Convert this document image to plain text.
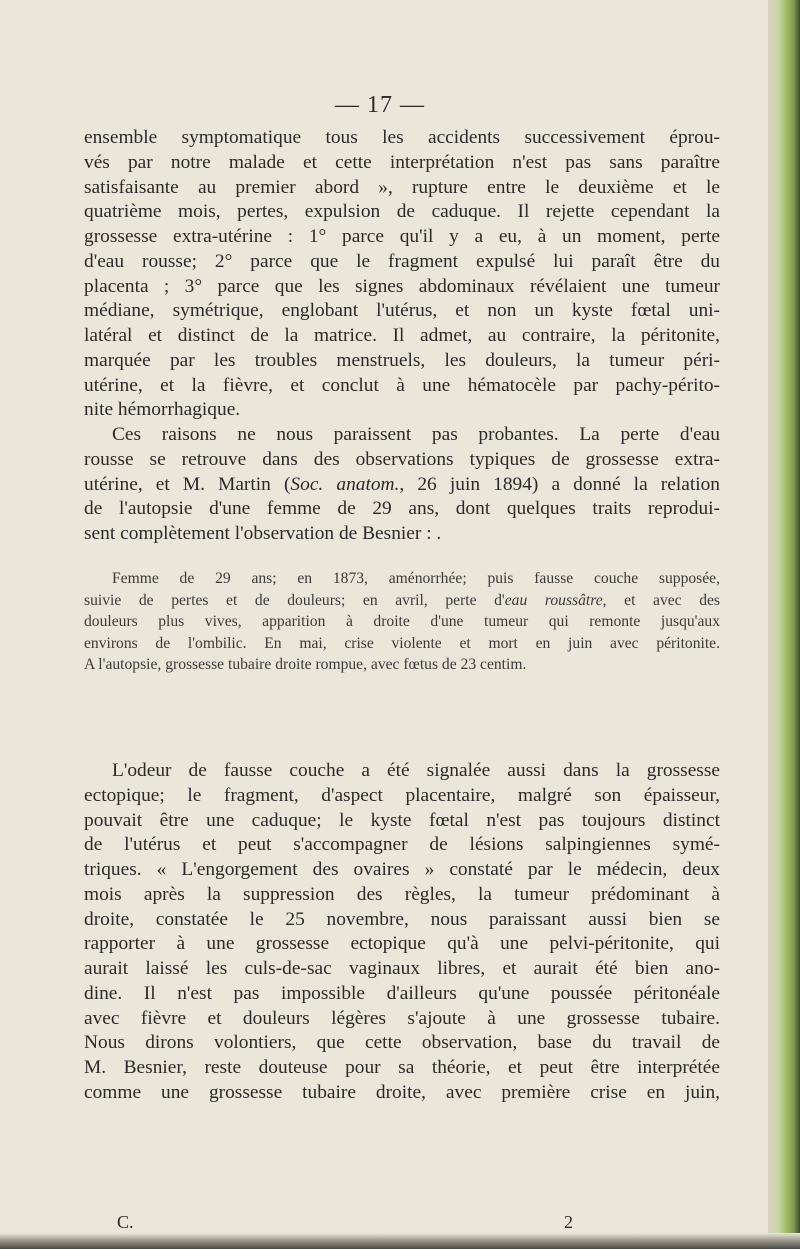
— 17 —
ensemble symptomatique tous les accidents successivement éprou-
vés par notre malade et cette interprétation n'est pas sans paraître
satisfaisante au premier abord », rupture entre le deuxième et le
quatrième mois, pertes, expulsion de caduque. Il rejette cependant la
grossesse extra-utérine : 1° parce qu'il y a eu, à un moment, perte
d'eau rousse; 2° parce que le fragment expulsé lui paraît être du
placenta ; 3° parce que les signes abdominaux révélaient une tumeur
médiane, symétrique, englobant l'utérus, et non un kyste fœtal uni-
latéral et distinct de la matrice. Il admet, au contraire, la péritonite,
marquée par les troubles menstruels, les douleurs, la tumeur péri-
utérine, et la fièvre, et conclut à une hématocèle par pachy-périto-
nite hémorrhagique.
Ces raisons ne nous paraissent pas probantes. La perte d'eau
rousse se retrouve dans des observations typiques de grossesse extra-
utérine, et M. Martin (Soc. anatom., 26 juin 1894) a donné la relation
de l'autopsie d'une femme de 29 ans, dont quelques traits reprodui-
sent complètement l'observation de Besnier : .
Femme de 29 ans; en 1873, aménorrhée; puis fausse couche supposée,
suivie de pertes et de douleurs; en avril, perte d'eau roussâtre, et avec des
douleurs plus vives, apparition à droite d'une tumeur qui remonte jusqu'aux
environs de l'ombilic. En mai, crise violente et mort en juin avec péritonite.
A l'autopsie, grossesse tubaire droite rompue, avec fœtus de 23 centim.
L'odeur de fausse couche a été signalée aussi dans la grossesse
ectopique; le fragment, d'aspect placentaire, malgré son épaisseur,
pouvait être une caduque; le kyste fœtal n'est pas toujours distinct
de l'utérus et peut s'accompagner de lésions salpingiennes symé-
triques. « L'engorgement des ovaires » constaté par le médecin, deux
mois après la suppression des règles, la tumeur prédominant à
droite, constatée le 25 novembre, nous paraissant aussi bien se
rapporter à une grossesse ectopique qu'à une pelvi-péritonite, qui
aurait laissé les culs-de-sac vaginaux libres, et aurait été bien ano-
dine. Il n'est pas impossible d'ailleurs qu'une poussée péritonéale
avec fièvre et douleurs légères s'ajoute à une grossesse tubaire.
Nous dirons volontiers, que cette observation, base du travail de
M. Besnier, reste douteuse pour sa théorie, et peut être interprétée
comme une grossesse tubaire droite, avec première crise en juin,
C.	2
